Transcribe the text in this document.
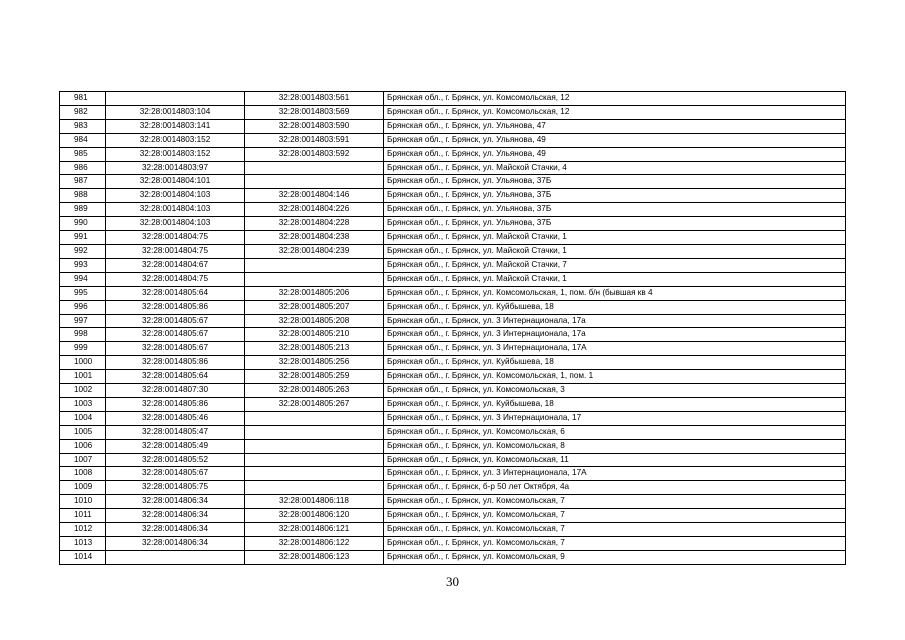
981		32:28:0014803:561	Брянская обл., г. Брянск, ул. Комсомольская, 12
982	32:28:0014803:104	32:28:0014803:569	Брянская обл., г. Брянск, ул. Комсомольская, 12
983	32:28:0014803:141	32:28:0014803:590	Брянская обл., г. Брянск, ул. Ульянова, 47
984	32:28:0014803:152	32:28:0014803:591	Брянская обл., г. Брянск, ул. Ульянова, 49
985	32:28:0014803:152	32:28:0014803:592	Брянская обл., г. Брянск, ул. Ульянова, 49
986	32:28:0014803:97		Брянская обл., г. Брянск, ул. Майской Стачки, 4
987	32:28:0014804:101		Брянская обл., г. Брянск, ул. Ульянова, 37Б
988	32:28:0014804:103	32:28:0014804:146	Брянская обл., г. Брянск, ул. Ульянова, 37Б
989	32:28:0014804:103	32:28:0014804:226	Брянская обл., г. Брянск, ул. Ульянова, 37Б
990	32:28:0014804:103	32:28:0014804:228	Брянская обл., г. Брянск, ул. Ульянова, 37Б
991	32:28:0014804:75	32:28:0014804:238	Брянская обл., г. Брянск, ул. Майской Стачки, 1
992	32:28:0014804:75	32:28:0014804:239	Брянская обл., г. Брянск, ул. Майской Стачки, 1
993	32:28:0014804:67		Брянская обл., г. Брянск, ул. Майской Стачки, 7
994	32:28:0014804:75		Брянская обл., г. Брянск, ул. Майской Стачки, 1
995	32:28:0014805:64	32:28:0014805:206	Брянская обл., г. Брянск, ул. Комсомольская, 1, пом. б/н (бывшая кв 4
996	32:28:0014805:86	32:28:0014805:207	Брянская обл., г. Брянск, ул. Куйбышева, 18
997	32:28:0014805:67	32:28:0014805:208	Брянская обл., г. Брянск, ул. 3 Интернационала, 17а
998	32:28:0014805:67	32:28:0014805:210	Брянская обл., г. Брянск, ул. 3 Интернационала, 17а
999	32:28:0014805:67	32:28:0014805:213	Брянская обл., г. Брянск, ул. 3 Интернационала, 17А
1000	32:28:0014805:86	32:28:0014805:256	Брянская обл., г. Брянск, ул. Куйбышева, 18
1001	32:28:0014805:64	32:28:0014805:259	Брянская обл., г. Брянск, ул. Комсомольская, 1, пом. 1
1002	32:28:0014807:30	32:28:0014805:263	Брянская обл., г. Брянск, ул. Комсомольская, 3
1003	32:28:0014805:86	32:28:0014805:267	Брянская обл., г. Брянск, ул. Куйбышева, 18
1004	32:28:0014805:46		Брянская обл., г. Брянск, ул. 3 Интернационала, 17
1005	32:28:0014805:47		Брянская обл., г. Брянск, ул. Комсомольская, 6
1006	32:28:0014805:49		Брянская обл., г. Брянск, ул. Комсомольская, 8
1007	32:28:0014805:52		Брянская обл., г. Брянск, ул. Комсомольская, 11
1008	32:28:0014805:67		Брянская обл., г. Брянск, ул. 3 Интернационала, 17А
1009	32:28:0014805:75		Брянская обл., г. Брянск, б-р 50 лет Октября, 4а
1010	32:28:0014806:34	32:28:0014806:118	Брянская обл., г. Брянск, ул. Комсомольская, 7
1011	32:28:0014806:34	32:28:0014806:120	Брянская обл., г. Брянск, ул. Комсомольская, 7
1012	32:28:0014806:34	32:28:0014806:121	Брянская обл., г. Брянск, ул. Комсомольская, 7
1013	32:28:0014806:34	32:28:0014806:122	Брянская обл., г. Брянск, ул. Комсомольская, 7
1014		32:28:0014806:123	Брянская обл., г. Брянск, ул. Комсомольская, 9
30
